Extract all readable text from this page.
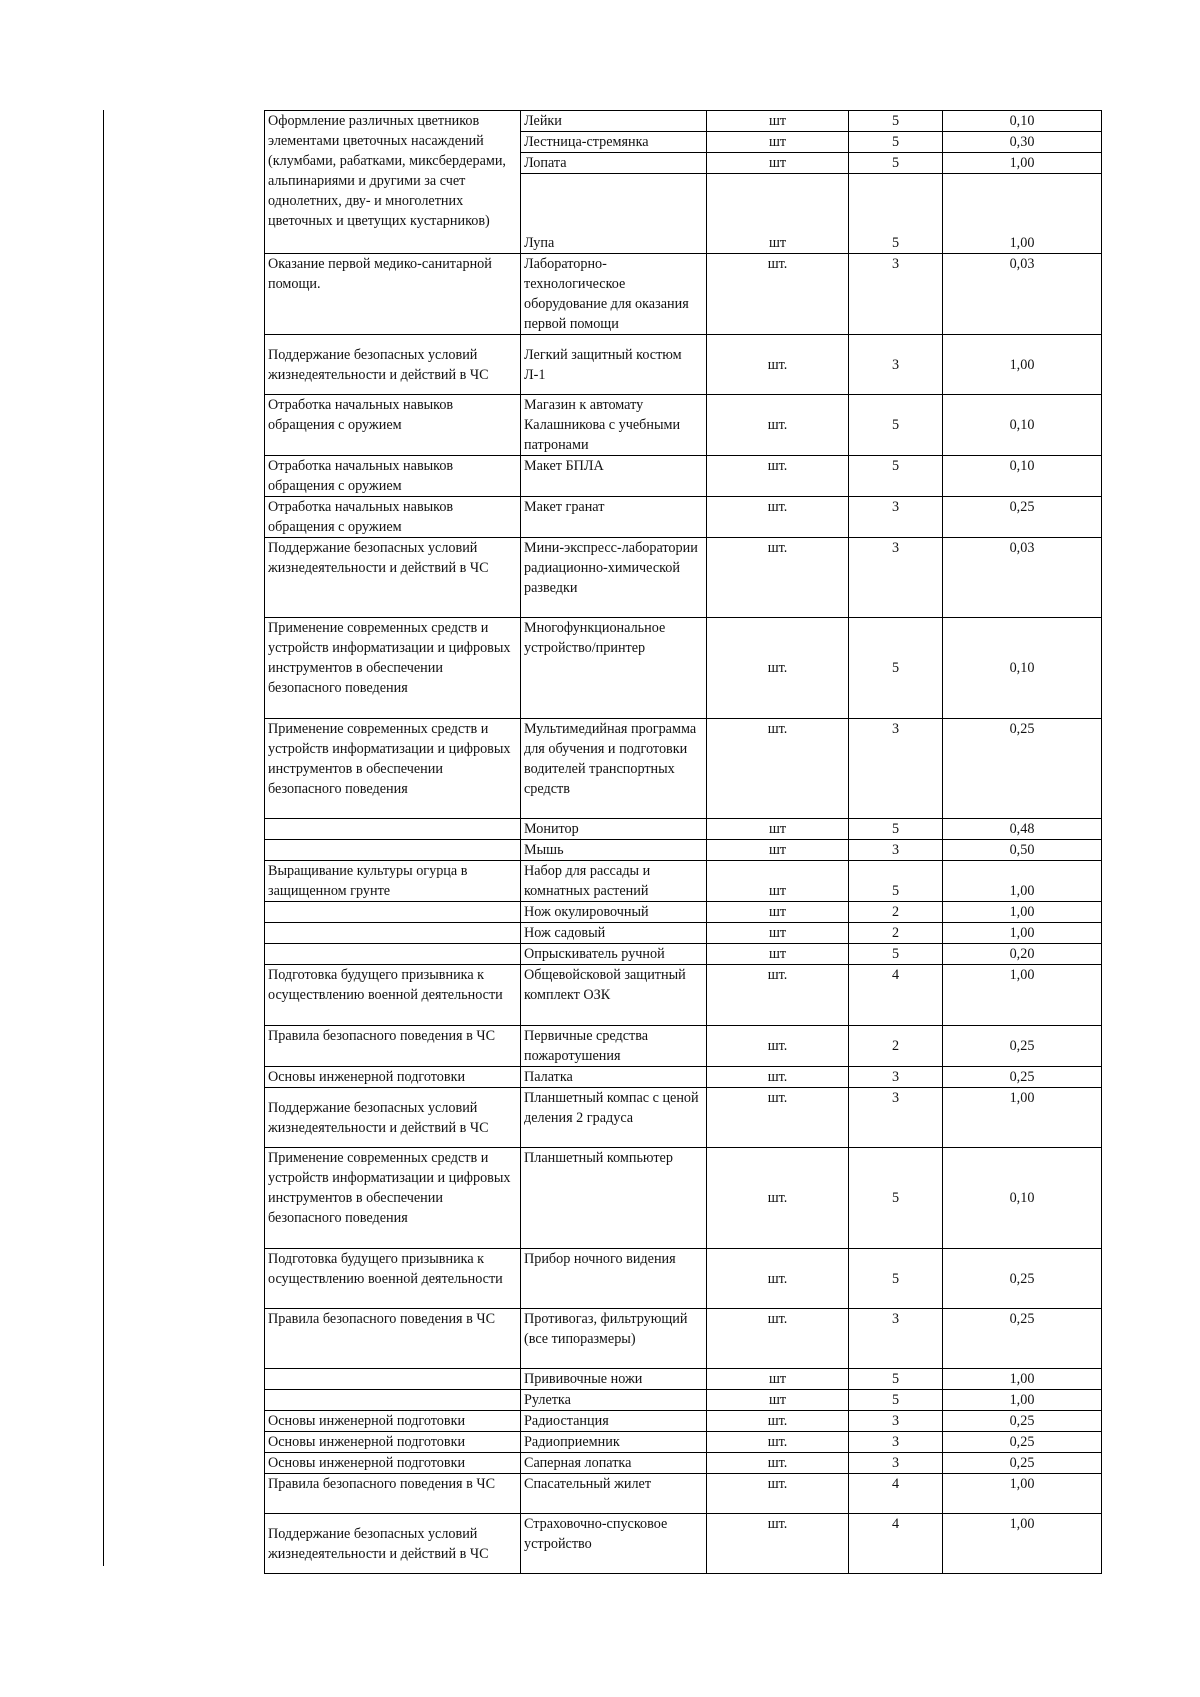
Оформление различных цветников элементами цветочных насаждений (клумбами, рабатками, миксбердерами, альпинариями и другими за счет однолетних, дву- и многолетних цветочных и цветущих кустарников)	Лейки	шт	5	0,10
	Лестница-стремянка	шт	5	0,30
	Лопата	шт	5	1,00
	Лупа	шт	5	1,00
Оказание первой медико-санитарной помощи.	Лабораторно-технологическое оборудование для оказания первой помощи	шт.	3	0,03
Поддержание безопасных условий жизнедеятельности и действий в ЧС	Легкий защитный костюм Л-1	шт.	3	1,00
Отработка начальных навыков обращения с оружием	Магазин к автомату Калашникова с учебными патронами	шт.	5	0,10
Отработка начальных навыков обращения с оружием	Макет БПЛА	шт.	5	0,10
Отработка начальных навыков обращения с оружием	Макет гранат	шт.	3	0,25
Поддержание безопасных условий жизнедеятельности и действий в ЧС	Мини-экспресс-лаборатории радиационно-химической разведки	шт.	3	0,03
Применение современных средств и устройств информатизации и цифровых инструментов в обеспечении безопасного поведения	Многофункциональное устройство/принтер	шт.	5	0,10
Применение современных средств и устройств информатизации и цифровых инструментов в обеспечении безопасного поведения	Мультимедийная программа для обучения и подготовки водителей транспортных средств	шт.	3	0,25
	Монитор	шт	5	0,48
	Мышь	шт	3	0,50
Выращивание культуры огурца в защищенном грунте	Набор для рассады и комнатных растений	шт	5	1,00
	Нож окулировочный	шт	2	1,00
	Нож садовый	шт	2	1,00
	Опрыскиватель ручной	шт	5	0,20
Подготовка будущего призывника к осуществлению военной деятельности	Общевойсковой защитный комплект ОЗК	шт.	4	1,00
Правила безопасного поведения в ЧС	Первичные средства пожаротушения	шт.	2	0,25
Основы инженерной подготовки	Палатка	шт.	3	0,25
Поддержание безопасных условий жизнедеятельности и действий в ЧС	Планшетный компас с ценой деления 2 градуса	шт.	3	1,00
Применение современных средств и устройств информатизации и цифровых инструментов в обеспечении безопасного поведения	Планшетный компьютер	шт.	5	0,10
Подготовка будущего призывника к осуществлению военной деятельности	Прибор ночного видения	шт.	5	0,25
Правила безопасного поведения в ЧС	Противогаз, фильтрующий (все типоразмеры)	шт.	3	0,25
	Прививочные ножи	шт	5	1,00
	Рулетка	шт	5	1,00
Основы инженерной подготовки	Радиостанция	шт.	3	0,25
Основы инженерной подготовки	Радиоприемник	шт.	3	0,25
Основы инженерной подготовки	Саперная лопатка	шт.	3	0,25
Правила безопасного поведения в ЧС	Спасательный жилет	шт.	4	1,00
Поддержание безопасных условий жизнедеятельности и действий в ЧС	Страховочно-спусковое устройство	шт.	4	1,00
